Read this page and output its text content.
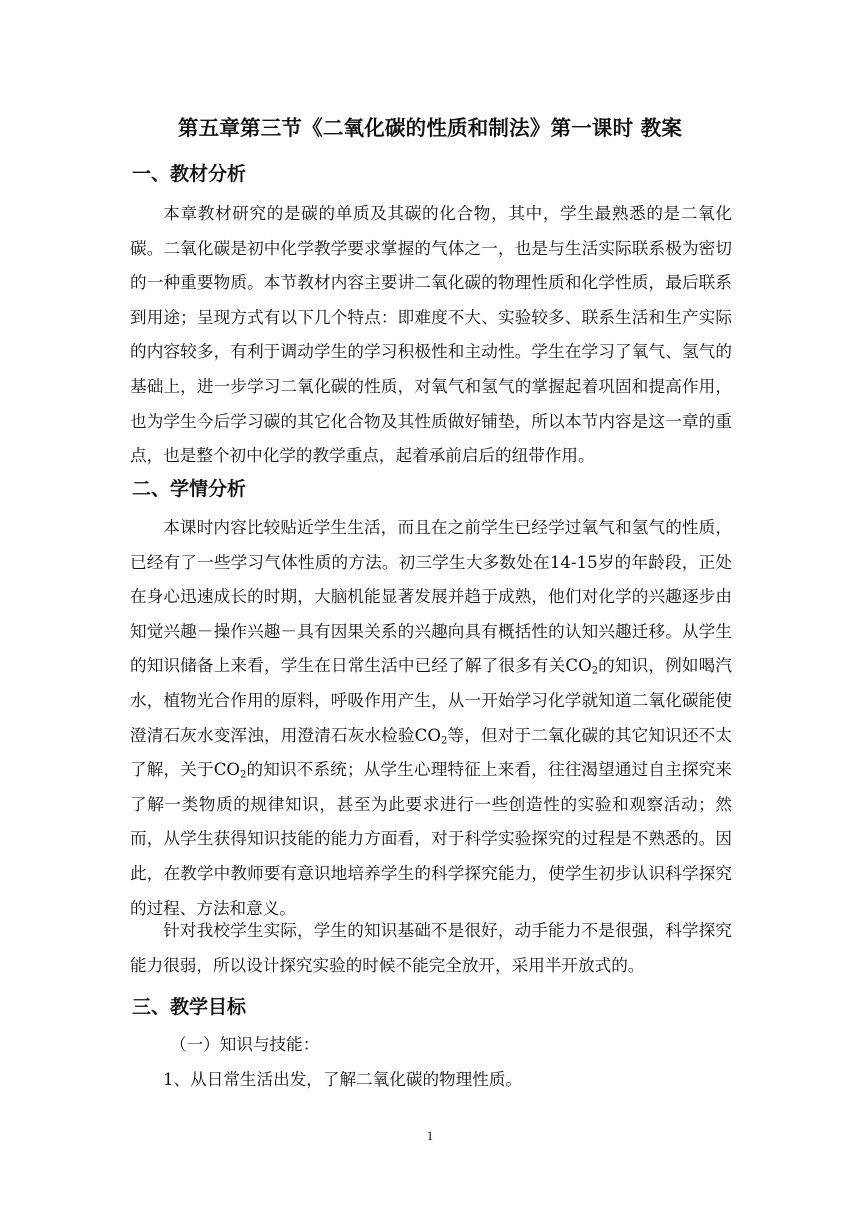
第五章第三节《二氧化碳的性质和制法》第一课时 教案
一、教材分析

本章教材研究的是碳的单质及其碳的化合物，其中，学生最熟悉的是二氧化碳。二氧化碳是初中化学教学要求掌握的气体之一，也是与生活实际联系极为密切的一种重要物质。本节教材内容主要讲二氧化碳的物理性质和化学性质，最后联系到用途；呈现方式有以下几个特点：即难度不大、实验较多、联系生活和生产实际的内容较多，有利于调动学生的学习积极性和主动性。学生在学习了氧气、氢气的基础上，进一步学习二氧化碳的性质，对氧气和氢气的掌握起着巩固和提高作用，也为学生今后学习碳的其它化合物及其性质做好铺垫，所以本节内容是这一章的重点，也是整个初中化学的教学重点，起着承前启后的纽带作用。

二、学情分析

本课时内容比较贴近学生生活，而且在之前学生已经学过氧气和氢气的性质，已经有了一些学习气体性质的方法。初三学生大多数处在14-15岁的年龄段，正处在身心迅速成长的时期，大脑机能显著发展并趋于成熟，他们对化学的兴趣逐步由知觉兴趣－操作兴趣－具有因果关系的兴趣向具有概括性的认知兴趣迁移。从学生的知识储备上来看，学生在日常生活中已经了解了很多有关$CO_2$的知识，例如喝汽水，植物光合作用的原料，呼吸作用产生，从一开始学习化学就知道二氧化碳能使澄清石灰水变浑浊，用澄清石灰水检验$CO_2$等，但对于二氧化碳的其它知识还不太了解，关于$CO_2$的知识不系统；从学生心理特征上来看，往往渴望通过自主探究来了解一类物质的规律知识，甚至为此要求进行一些创造性的实验和观察活动；然而，从学生获得知识技能的能力方面看，对于科学实验探究的过程是不熟悉的。因此，在教学中教师要有意识地培养学生的科学探究能力，使学生初步认识科学探究的过程、方法和意义。

针对我校学生实际，学生的知识基础不是很好，动手能力不是很强，科学探究能力很弱，所以设计探究实验的时候不能完全放开，采用半开放式的。

三、教学目标
（一）知识与技能：
1、从日常生活出发，了解二氧化碳的物理性质。
1
